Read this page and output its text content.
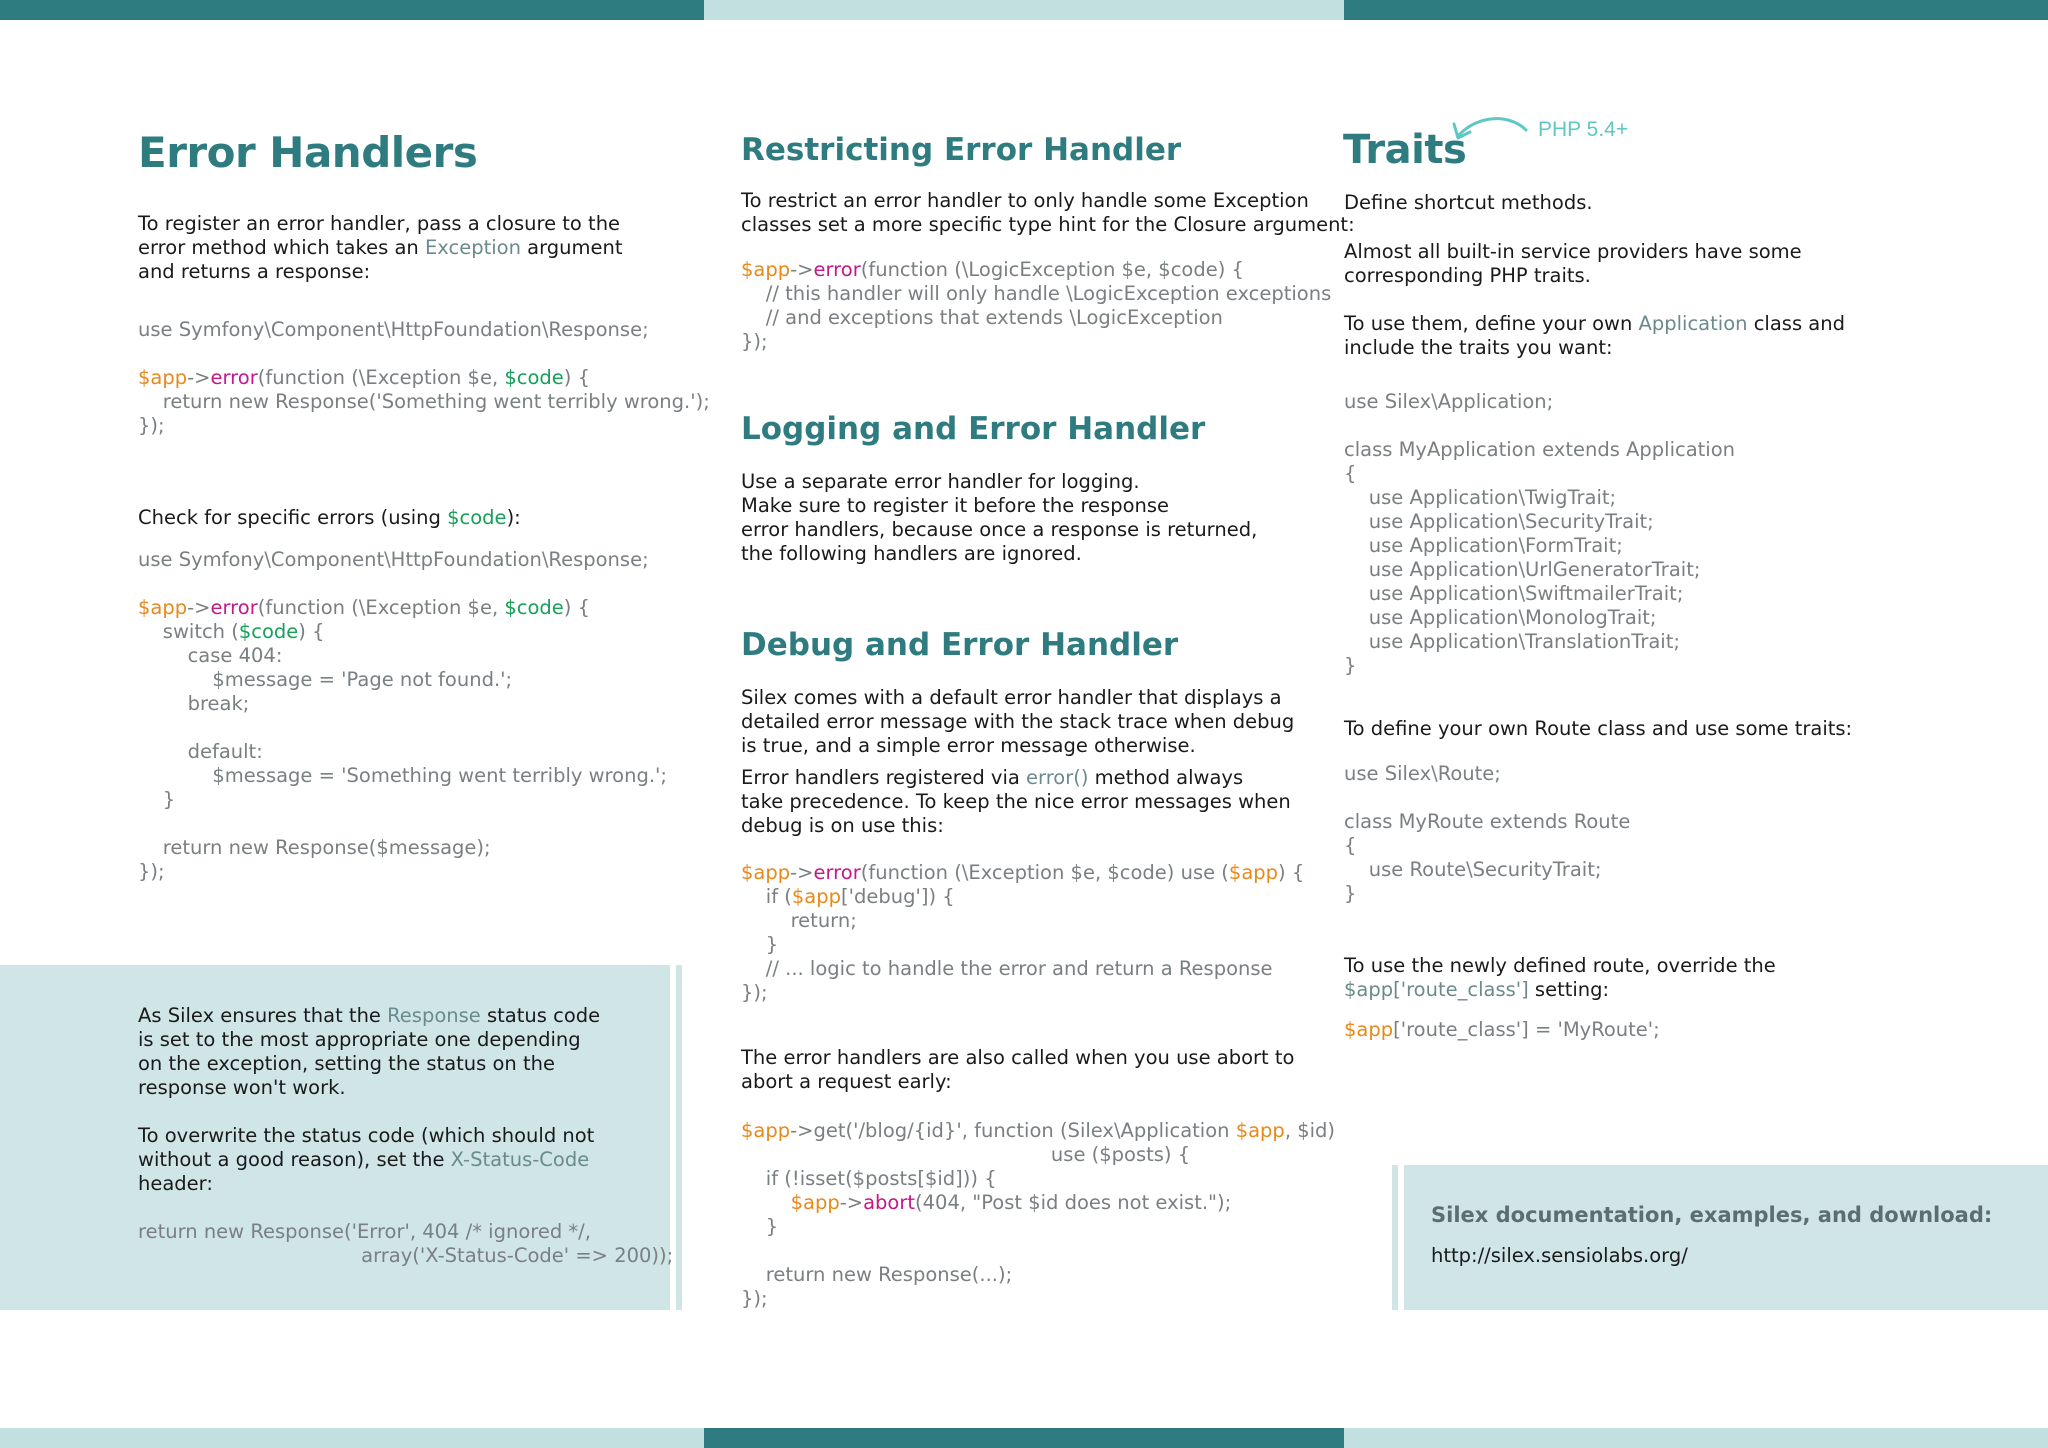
Error Handlers

To register an error handler, pass a closure to the
error method which takes an Exception argument
and returns a response:

use Symfony\Component\HttpFoundation\Response;

$app->error(function (\Exception $e, $code) {
return new Response('Something went terribly wrong.');
});

Check for specific errors (using $code):

use Symfony\Component\HttpFoundation\Response;

$app->error(function (\Exception $e, $code) {
switch ($code) {
case 404:
$message = 'Page not found.';
break;

default:
$message = 'Something went terribly wrong.';
}

return new Response($message);
});

As Silex ensures that the Response status code
is set to the most appropriate one depending
on the exception, setting the status on the
response won't work.

To overwrite the status code (which should not
without a good reason), set the X-Status-Code
header:

return new Response('Error', 404 /* ignored */,
array('X-Status-Code' => 200));
Restricting Error Handler

To restrict an error handler to only handle some Exception
classes set a more specific type hint for the Closure argument:

$app->error(function (\LogicException $e, $code) {
// this handler will only handle \LogicException exceptions
// and exceptions that extends \LogicException
});
Logging and Error Handler

Use a separate error handler for logging.
Make sure to register it before the response
error handlers, because once a response is returned,
the following handlers are ignored.

Debug and Error Handler

Silex comes with a default error handler that displays a
detailed error message with the stack trace when debug
is true, and a simple error message otherwise.

Error handlers registered via error() method always
take precedence. To keep the nice error messages when
debug is on use this:

$app->error(function (\Exception $e, $code) use ($app) {
if ($app['debug']) {
return;
}
// ... logic to handle the error and return a Response
});

The error handlers are also called when you use abort to
abort a request early:

$app->get('/blog/{id}', function (Silex\Application $app, $id)
use ($posts) {
if (!isset($posts[$id])) {
$app->abort(404, "Post $id does not exist.");
}

return new Response(...);
});
Traits	PHP 5.4+

Define shortcut methods.

Almost all built-in service providers have some
corresponding PHP traits.

To use them, define your own Application class and
include the traits you want:

use Silex\Application;

class MyApplication extends Application
{
use Application\TwigTrait;
use Application\SecurityTrait;
use Application\FormTrait;
use Application\UrlGeneratorTrait;
use Application\SwiftmailerTrait;
use Application\MonologTrait;
use Application\TranslationTrait;
}

To define your own Route class and use some traits:

use Silex\Route;

class MyRoute extends Route
{
use Route\SecurityTrait;
}

To use the newly defined route, override the
$app['route_class'] setting:

$app['route_class'] = 'MyRoute';
Silex documentation, examples, and download:
http://silex.sensiolabs.org/
